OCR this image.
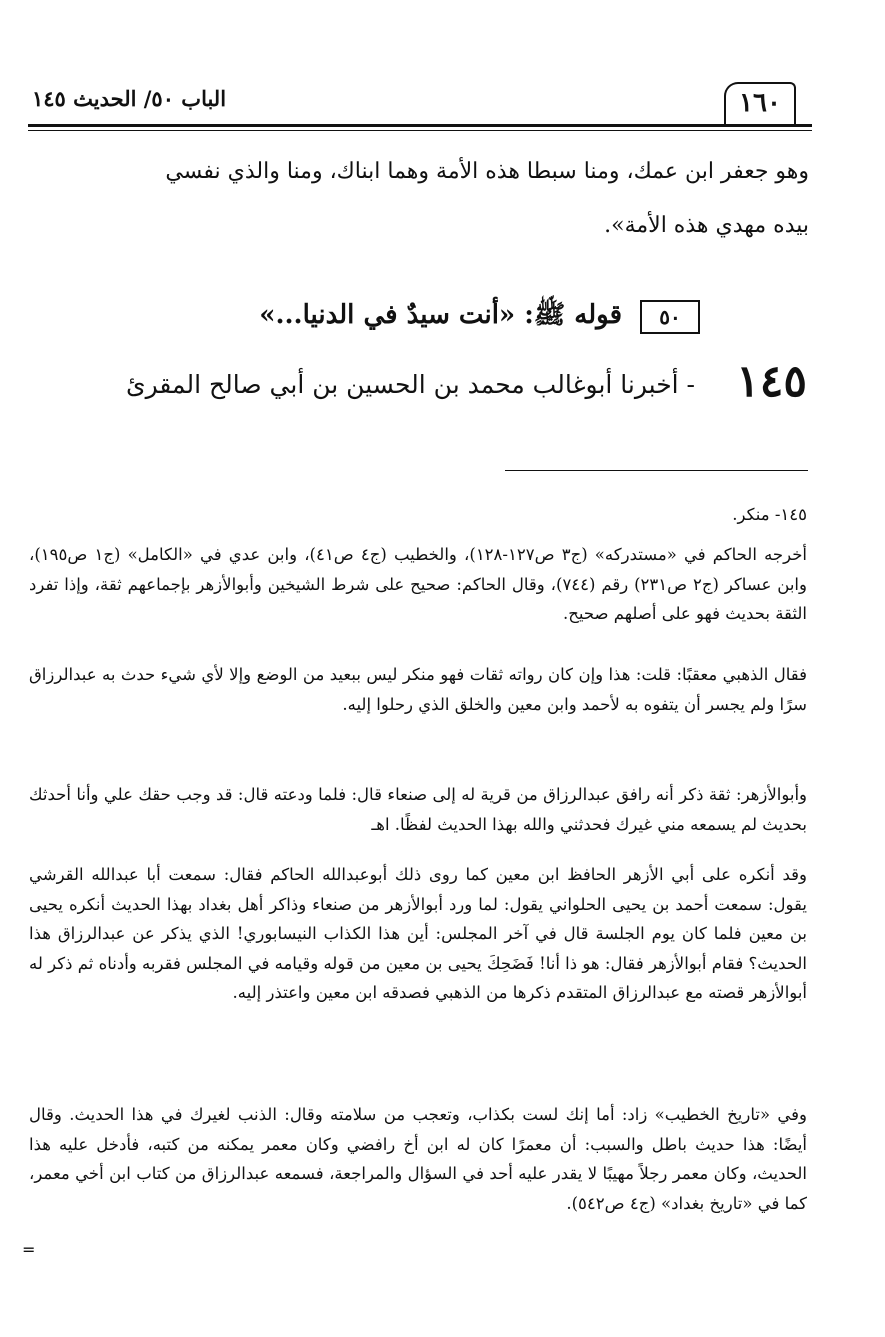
الباب ٥٠/ الحديث ١٤٥	١٦٠
وهو جعفر ابن عمك، ومنا سبطا هذه الأمة وهما ابناك، ومنا والذي نفسي
بيده مهدي هذه الأمة».
٥٠
قوله ﷺ: «أنت سيدٌ في الدنيا...»
١٤٥
- أخبرنا أبوغالب محمد بن الحسين بن أبي صالح المقرئ
١٤٥- منكر.
أخرجه الحاكم في «مستدركه» (ج٣ ص١٢٧-١٢٨)، والخطيب (ج٤ ص٤١)، وابن عدي في «الكامل» (ج١ ص١٩٥)، وابن عساكر (ج٢ ص٢٣١) رقم (٧٤٤)، وقال الحاكم: صحيح على شرط الشيخين وأبوالأزهر بإجماعهم ثقة، وإذا تفرد الثقة بحديث فهو على أصلهم صحيح.
فقال الذهبي معقبًا: قلت: هذا وإن كان رواته ثقات فهو منكر ليس ببعيد من الوضع وإلا لأي شيء حدث به عبدالرزاق سرًا ولم يجسر أن يتفوه به لأحمد وابن معين والخلق الذي رحلوا إليه.
وأبوالأزهر: ثقة ذكر أنه رافق عبدالرزاق من قرية له إلى صنعاء قال: فلما ودعته قال: قد وجب حقك علي وأنا أحدثك بحديث لم يسمعه مني غيرك فحدثني والله بهذا الحديث لفظًا. اهـ
وقد أنكره على أبي الأزهر الحافظ ابن معين كما روى ذلك أبوعبدالله الحاكم فقال: سمعت أبا عبدالله القرشي يقول: سمعت أحمد بن يحيى الحلواني يقول: لما ورد أبوالأزهر من صنعاء وذاكر أهل بغداد بهذا الحديث أنكره يحيى بن معين فلما كان يوم الجلسة قال في آخر المجلس: أين هذا الكذاب النيسابوري! الذي يذكر عن عبدالرزاق هذا الحديث؟ فقام أبوالأزهر فقال: هو ذا أنا! فَضَحِكَ يحيى بن معين من قوله وقيامه في المجلس فقربه وأدناه ثم ذكر له أبوالأزهر قصته مع عبدالرزاق المتقدم ذكرها من الذهبي فصدقه ابن معين واعتذر إليه.
وفي «تاريخ الخطيب» زاد: أما إنك لست بكذاب، وتعجب من سلامته وقال: الذنب لغيرك في هذا الحديث. وقال أيضًا: هذا حديث باطل والسبب: أن معمرًا كان له ابن أخ رافضي وكان معمر يمكنه من كتبه، فأدخل عليه هذا الحديث، وكان معمر رجلاً مهيبًا لا يقدر عليه أحد في السؤال والمراجعة، فسمعه عبدالرزاق من كتاب ابن أخي معمر، كما في «تاريخ بغداد» (ج٤ ص٥٤٢).
=
